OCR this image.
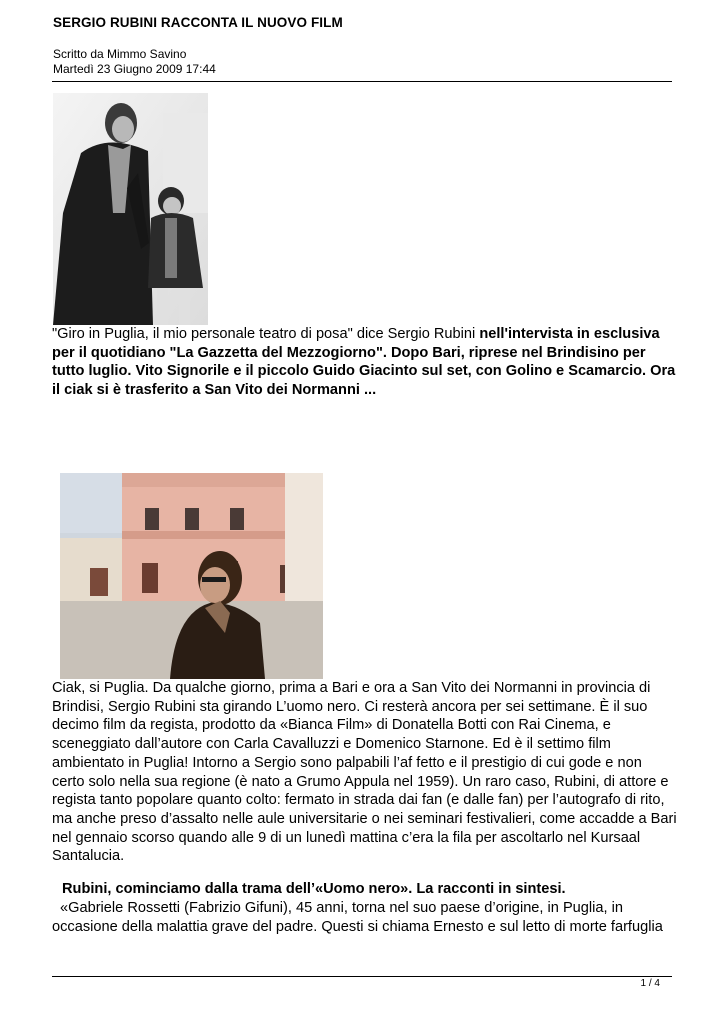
SERGIO RUBINI RACCONTA IL NUOVO FILM
Scritto da Mimmo Savino
Martedì 23 Giugno 2009 17:44
"Giro in Puglia, il mio personale teatro di posa" dice Sergio Rubini nell'intervista in esclusiva per il quotidiano "La Gazzetta del Mezzogiorno". Dopo Bari, riprese nel Brindisino per tutto luglio. Vito Signorile e il piccolo Guido Giacinto sul set, con Golino e Scamarcio. Ora il ciak si è trasferito a San Vito dei Normanni ...
Ciak, si Puglia. Da qualche giorno, prima a Bari e ora a San Vito dei Normanni in provincia di Brindisi, Sergio Rubini sta girando L’uomo nero. Ci resterà ancora per sei settimane. È il suo decimo film da regista, prodotto da «Bianca Film» di Donatella Botti con Rai Cinema, e sceneggiato dall’autore con Carla Cavalluzzi e Domenico Starnone. Ed è il settimo film ambientato in Puglia! Intorno a Sergio sono palpabili l’af fetto e il prestigio di cui gode e non certo solo nella sua regione (è nato a Grumo Appula nel 1959). Un raro caso, Rubini, di attore e regista tanto popolare quanto colto: fermato in strada dai fan (e dalle fan) per l’autografo di rito, ma anche preso d’assalto nelle aule universitarie o nei seminari festivalieri, come accadde a Bari nel gennaio scorso quando alle 9 di un lunedì mattina c’era la fila per ascoltarlo nel Kursaal Santalucia.
Rubini, cominciamo dalla trama dell’«Uomo nero». La racconti in sintesi.
«Gabriele Rossetti (Fabrizio Gifuni), 45 anni, torna nel suo paese d’origine, in Puglia, in occasione della malattia grave del padre. Questi si chiama Ernesto e sul letto di morte farfuglia
1 / 4
